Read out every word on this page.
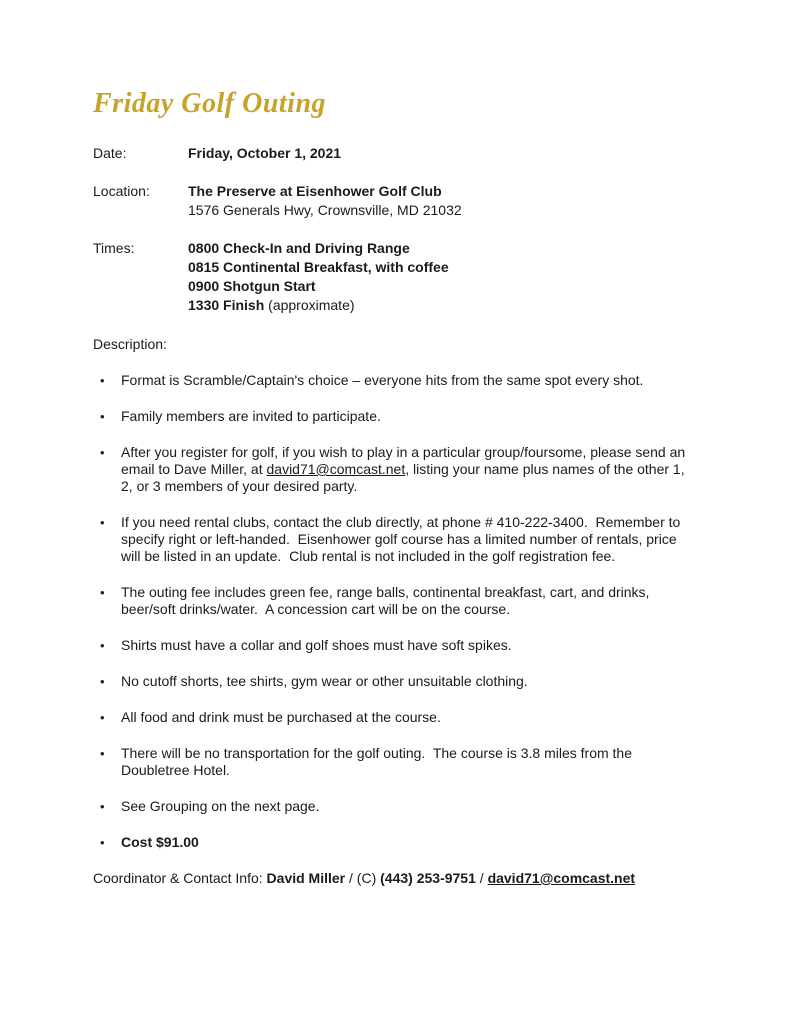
Friday Golf Outing
Date:	Friday, October 1, 2021
Location:	The Preserve at Eisenhower Golf Club
1576 Generals Hwy, Crownsville, MD 21032
Times:	0800 Check-In and Driving Range
0815 Continental Breakfast, with coffee
0900 Shotgun Start
1330 Finish (approximate)

Description:

•	Format is Scramble/Captain's choice – everyone hits from the same spot every shot.
•	Family members are invited to participate.
•	After you register for golf, if you wish to play in a particular group/foursome, please send an email to Dave Miller, at david71@comcast.net, listing your name plus names of the other 1, 2, or 3 members of your desired party.
•	If you need rental clubs, contact the club directly, at phone # 410-222-3400.  Remember to specify right or left-handed.  Eisenhower golf course has a limited number of rentals, price will be listed in an update.  Club rental is not included in the golf registration fee.
•	The outing fee includes green fee, range balls, continental breakfast, cart, and drinks, beer/soft drinks/water.  A concession cart will be on the course.
•	Shirts must have a collar and golf shoes must have soft spikes.
•	No cutoff shorts, tee shirts, gym wear or other unsuitable clothing.
•	All food and drink must be purchased at the course.
•	There will be no transportation for the golf outing.  The course is 3.8 miles from the Doubletree Hotel.
•	See Grouping on the next page.
•	Cost $91.00

Coordinator & Contact Info: David Miller / (C) (443) 253-9751 / david71@comcast.net
